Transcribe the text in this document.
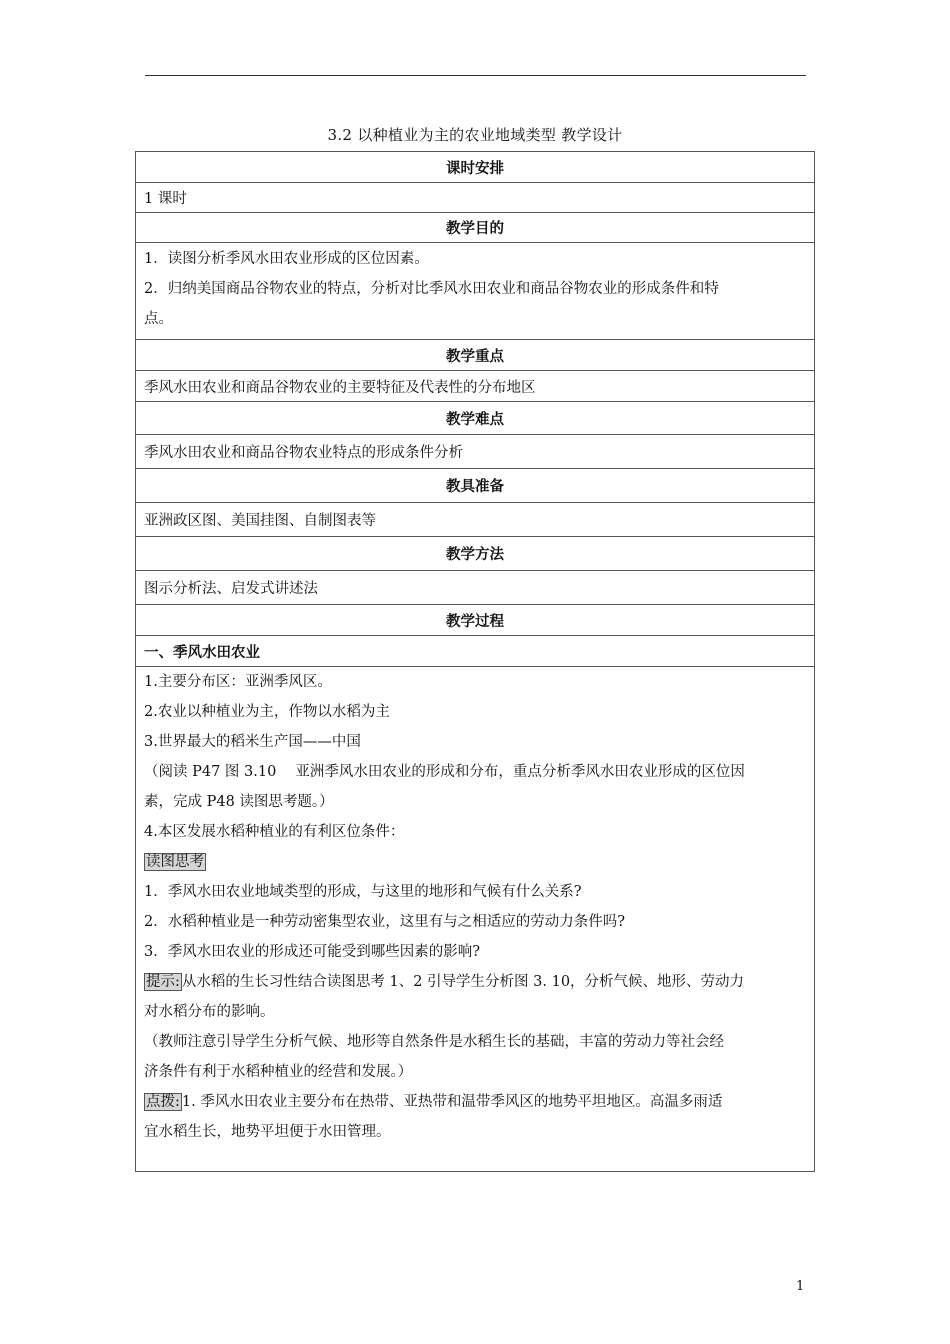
3.2 以种植业为主的农业地域类型 教学设计
课时安排
1 课时
教学目的

1．读图分析季风水田农业形成的区位因素。
2．归纳美国商品谷物农业的特点，分析对比季风水田农业和商品谷物农业的形成条件和特
点。

教学重点
季风水田农业和商品谷物农业的主要特征及代表性的分布地区
教学难点
季风水田农业和商品谷物农业特点的形成条件分析
教具准备
亚洲政区图、美国挂图、自制图表等
教学方法
图示分析法、启发式讲述法
教学过程
一、季风水田农业

1.主要分布区：亚洲季风区。
2.农业以种植业为主，作物以水稻为主
3.世界最大的稻米生产国——中国
（阅读 P47 图 3.10　 亚洲季风水田农业的形成和分布，重点分析季风水田农业形成的区位因
素，完成 P48 读图思考题。）
4.本区发展水稻种植业的有利区位条件：
读图思考
1．季风水田农业地域类型的形成，与这里的地形和气候有什么关系?
2．水稻种植业是一种劳动密集型农业，这里有与之相适应的劳动力条件吗?
3．季风水田农业的形成还可能受到哪些因素的影响?
提示: 从水稻的生长习性结合读图思考 1、2 引导学生分析图 3. 10，分析气候、地形、劳动力
对水稻分布的影响。
（教师注意引导学生分析气候、地形等自然条件是水稻生长的基础，丰富的劳动力等社会经
济条件有利于水稻种植业的经营和发展。）
点拨: 1. 季风水田农业主要分布在热带、亚热带和温带季风区的地势平坦地区。高温多雨适
宜水稻生长，地势平坦便于水田管理。
1
